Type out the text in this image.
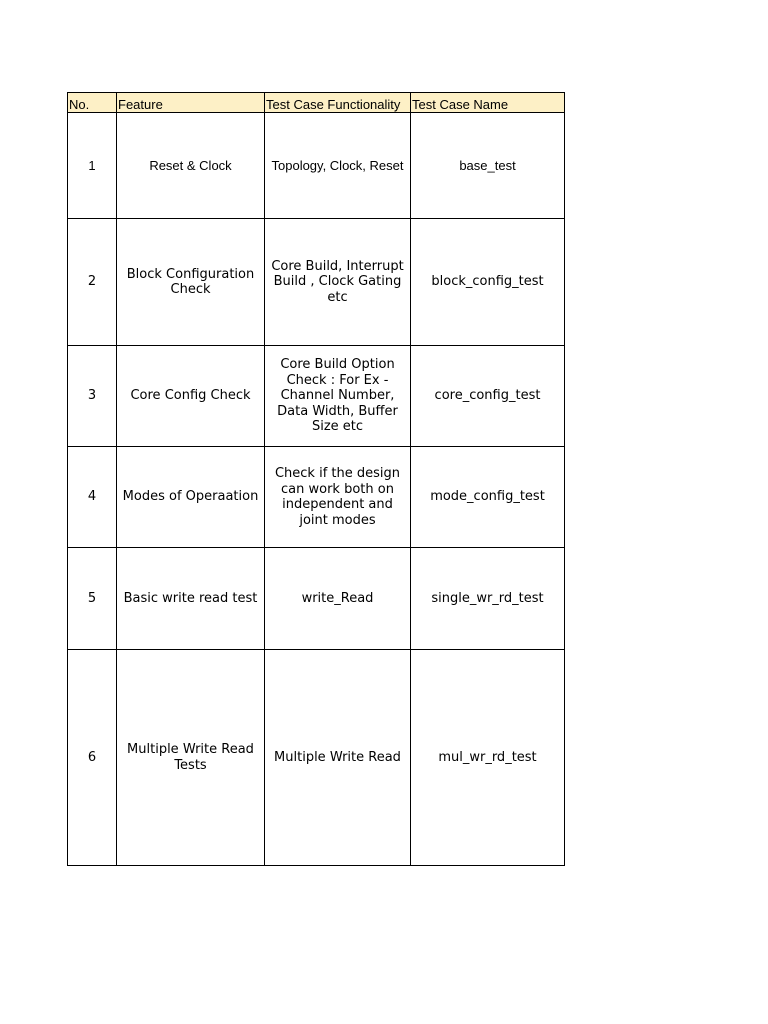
No.	Feature	Test Case Functionality	Test Case Name
1	Reset & Clock	Topology, Clock, Reset	base_test
2	Block Configuration Check	Core Build, Interrupt Build , Clock Gating etc	block_config_test
3	Core Config Check	Core Build Option Check : For Ex - Channel Number, Data Width, Buffer Size etc	core_config_test
4	Modes of Operaation	Check if the design can work both on independent and joint modes	mode_config_test
5	Basic write read test	write_Read	single_wr_rd_test
6	Multiple Write Read Tests	Multiple Write Read	mul_wr_rd_test
